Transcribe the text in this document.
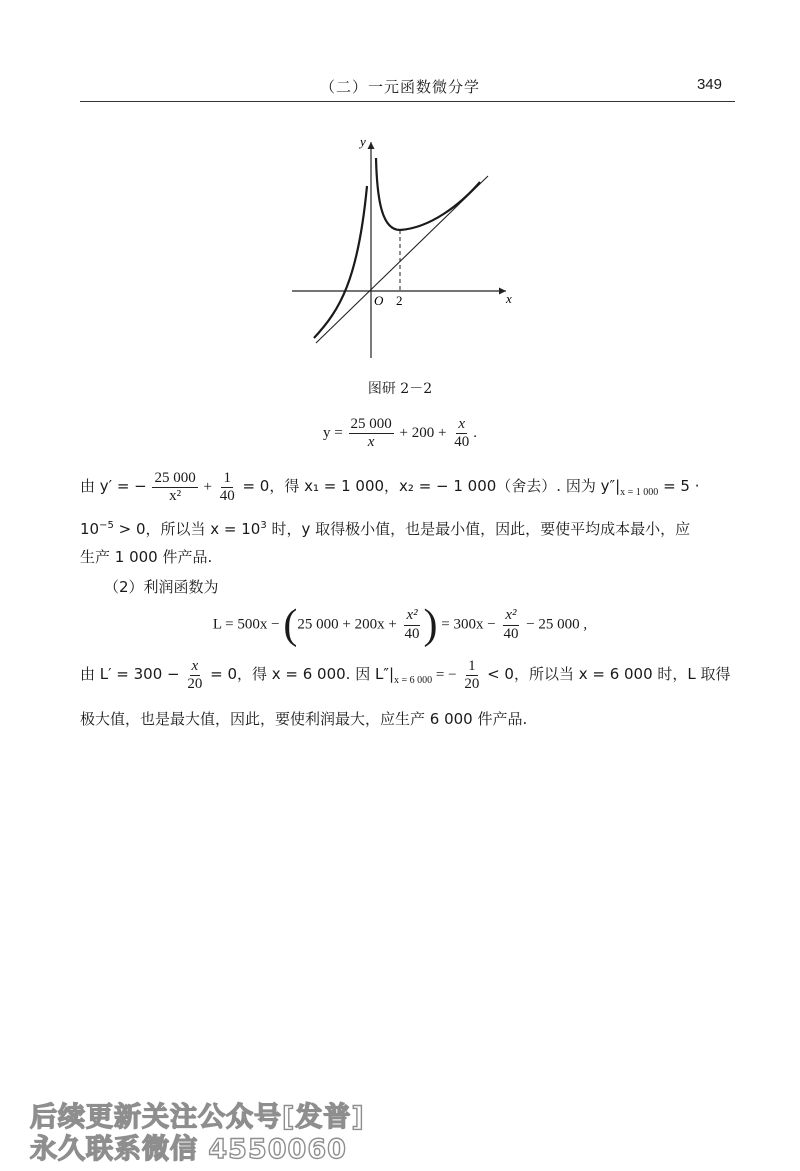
（二）一元函数微分学	349
y
x
O 2
图研 2－2
$y = \frac{25 000}{x} + 200 + \frac{x}{40}$ .
由 y′ = − $\frac{25 000}{\text{x²}} + \frac{1}{40} = 0$，得 x₁ = 1 000，x₂ = − 1 000（舍去）. 因为 $y''|_{x = 1 000} = 5$ ·
$10^{-5} > 0$，所以当 $x = 10^3$ 时，y 取得极小值，也是最小值，因此，要使平均成本最小，应
生产 1 000 件产品.
（2）利润函数为
L = 500x − (25 $000 + 200x + \frac{\text{x²}}{40}$ ) = $300x - \frac{\text{x²}}{40} - 25$ 000 ,
由 $L' = 300 - \frac{x}{20} = 0$，得 x = 6 000. 因 $L''|_{x = 6 000}$ = − $\frac{1}{20} < 0$，所以当 x = 6 000 时，L 取得
极大值，也是最大值，因此，要使利润最大，应生产 6 000 件产品.
后续更新关注公众号[发普]
永久联系微信 4550060
